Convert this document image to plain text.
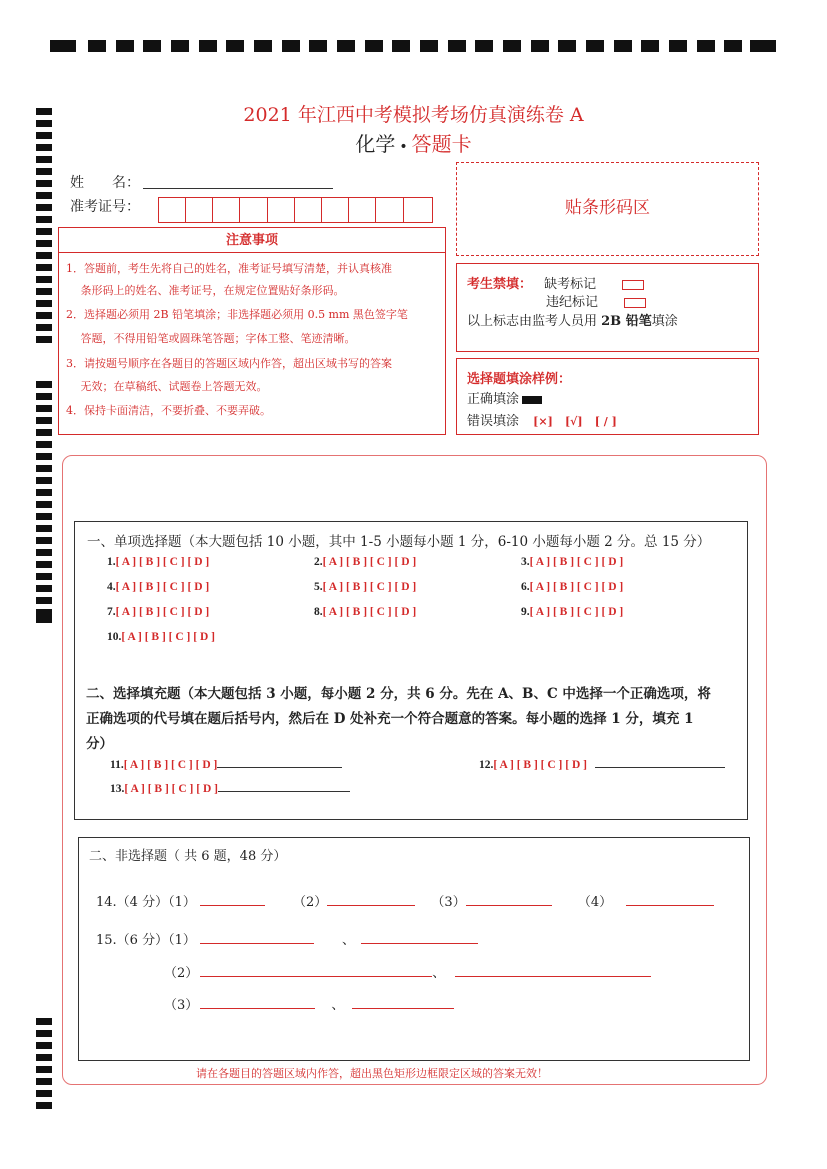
2021 年江西中考模拟考场仿真演练卷 A
化学 • 答题卡
姓　　名：
准考证号：	贴条形码区
注意事项

1．答题前，考生先将自己的姓名，准考证号填写清楚，并认真核准

　 条形码上的姓名、准考证号，在规定位置贴好条形码。

2．选择题必须用 2B 铅笔填涂；非选择题必须用 0.5 mm 黑色签字笔

　 答题，不得用铅笔或圆珠笔答题；字体工整、笔迹清晰。

3．请按题号顺序在各题目的答题区域内作答，超出区域书写的答案

　 无效；在草稿纸、试题卷上答题无效。

4．保持卡面清洁，不要折叠、不要弄破。

考生禁填： 缺考标记
违纪标记
以上标志由监考人员用 2B 铅笔填涂
选择题填涂样例：
正确填涂
错误填涂 [×] [√] [ / ]
一、单项选择题（本大题包括 10 小题，其中 1-5 小题每小题 1 分，6-10 小题每小题 2 分。总 15 分）
1.[ A ] [ B ] [ C ] [ D ]	2.[ A ] [ B ] [ C ] [ D ]	3.[ A ] [ B ] [ C ] [ D ]
4.[ A ] [ B ] [ C ] [ D ]	5.[ A ] [ B ] [ C ] [ D ]	6.[ A ] [ B ] [ C ] [ D ]
7.[ A ] [ B ] [ C ] [ D ]	8.[ A ] [ B ] [ C ] [ D ]	9.[ A ] [ B ] [ C ] [ D ]
10.[ A ] [ B ] [ C ] [ D ]
二、选择填充题（本大题包括 3 小题，每小题 2 分，共 6 分。先在 A、B、C 中选择一个正确选项，将
正确选项的代号填在题后括号内，然后在 D 处补充一个符合题意的答案。每小题的选择 1 分，填充 1
分）
11.[ A ] [ B ] [ C ] [ D ]	12.[ A ] [ B ] [ C ] [ D ]
13.[ A ] [ B ] [ C ] [ D ]
二、非选择题（ 共 6 题，48 分）
14.（4 分）（1）	（2）	（3）	（4）
15.（6 分）（1）	、
（2）	、
（3）	、
请在各题目的答题区域内作答，超出黑色矩形边框限定区域的答案无效！
